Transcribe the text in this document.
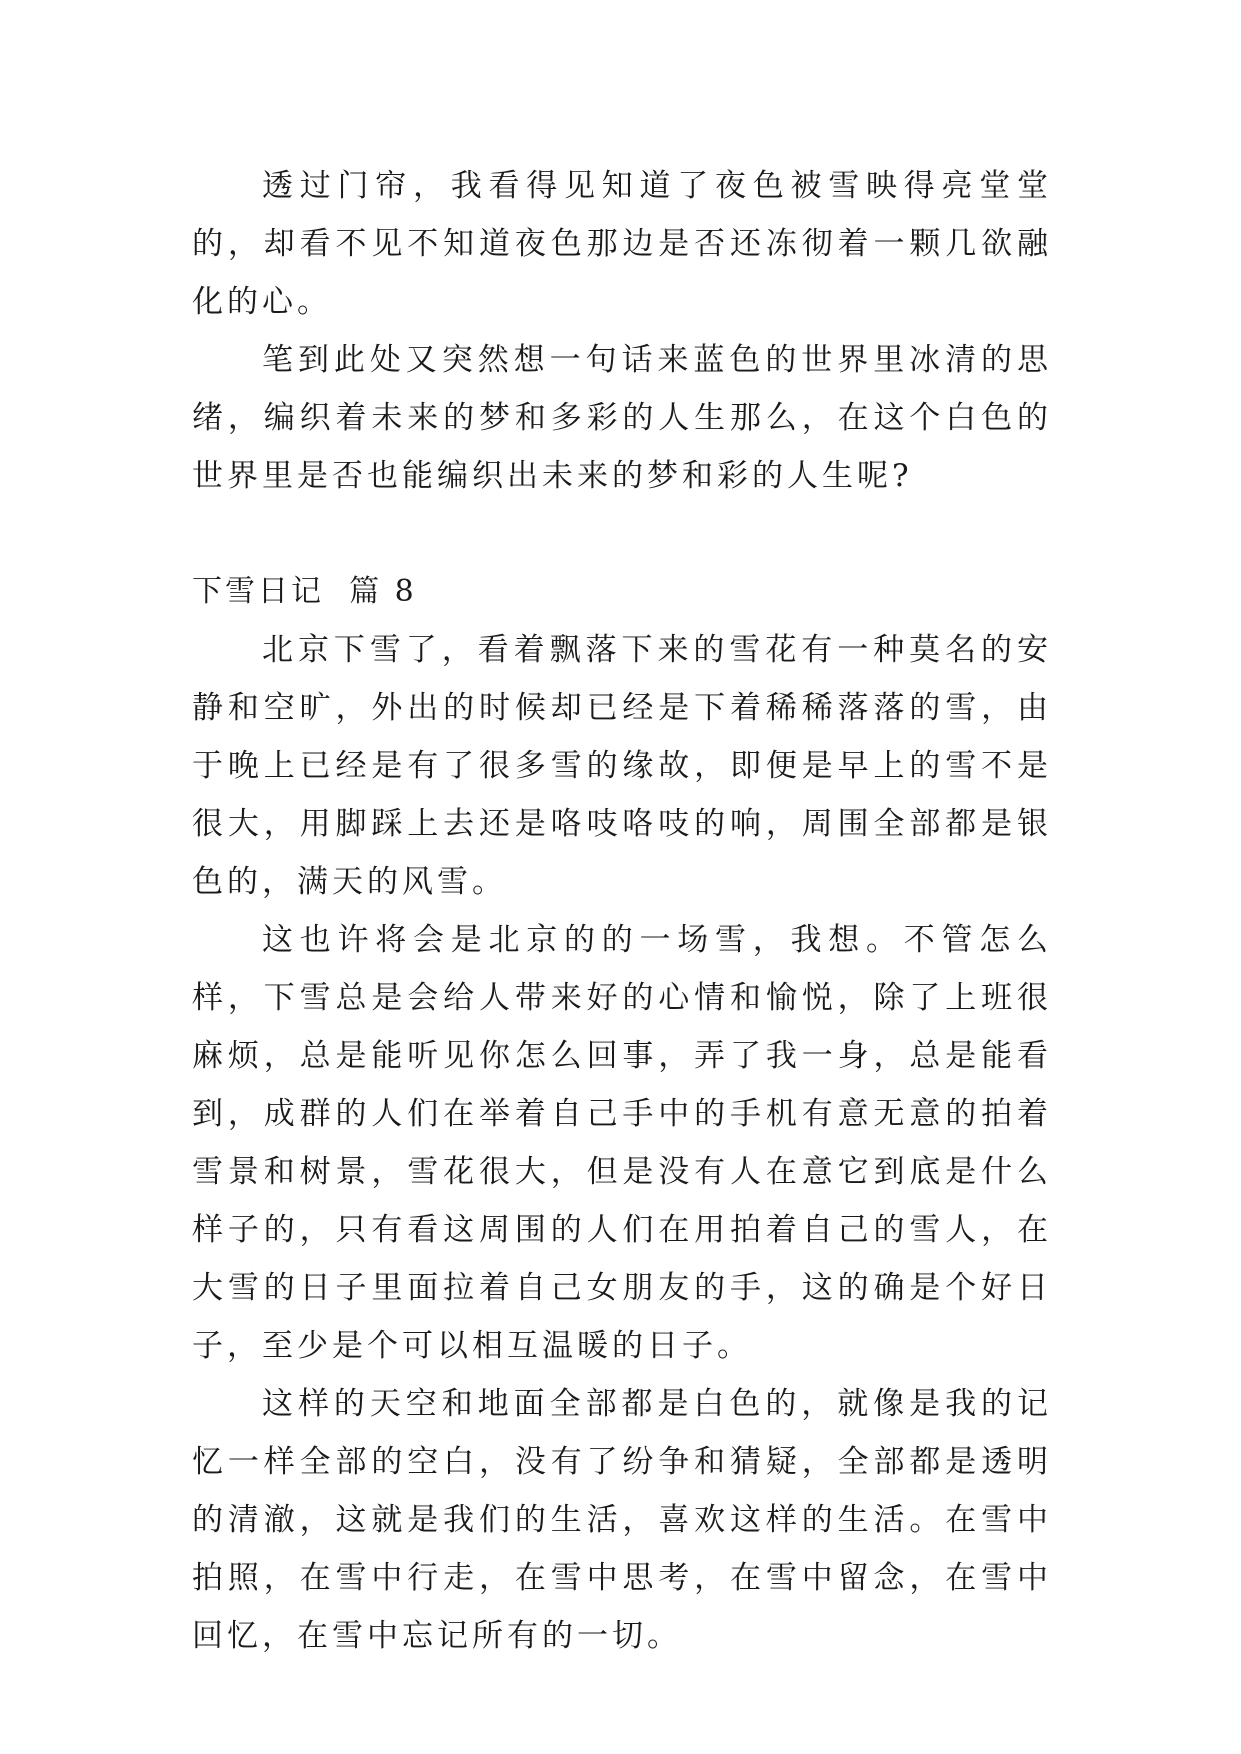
透过门帘，我看得见知道了夜色被雪映得亮堂堂的，却看不见不知道夜色那边是否还冻彻着一颗几欲融化的心。

笔到此处又突然想一句话来蓝色的世界里冰清的思绪，编织着未来的梦和多彩的人生那么，在这个白色的世界里是否也能编织出未来的梦和彩的人生呢?

下雪日记  篇 8

北京下雪了，看着飘落下来的雪花有一种莫名的安静和空旷，外出的时候却已经是下着稀稀落落的雪，由于晚上已经是有了很多雪的缘故，即便是早上的雪不是很大，用脚踩上去还是咯吱咯吱的响，周围全部都是银色的，满天的风雪。

这也许将会是北京的的一场雪，我想。不管怎么样，下雪总是会给人带来好的心情和愉悦，除了上班很麻烦，总是能听见你怎么回事，弄了我一身，总是能看到，成群的人们在举着自己手中的手机有意无意的拍着雪景和树景，雪花很大，但是没有人在意它到底是什么样子的，只有看这周围的人们在用拍着自己的雪人，在大雪的日子里面拉着自己女朋友的手，这的确是个好日子，至少是个可以相互温暖的日子。

这样的天空和地面全部都是白色的，就像是我的记忆一样全部的空白，没有了纷争和猜疑，全部都是透明的清澈，这就是我们的生活，喜欢这样的生活。在雪中拍照，在雪中行走，在雪中思考，在雪中留念，在雪中回忆，在雪中忘记所有的一切。
